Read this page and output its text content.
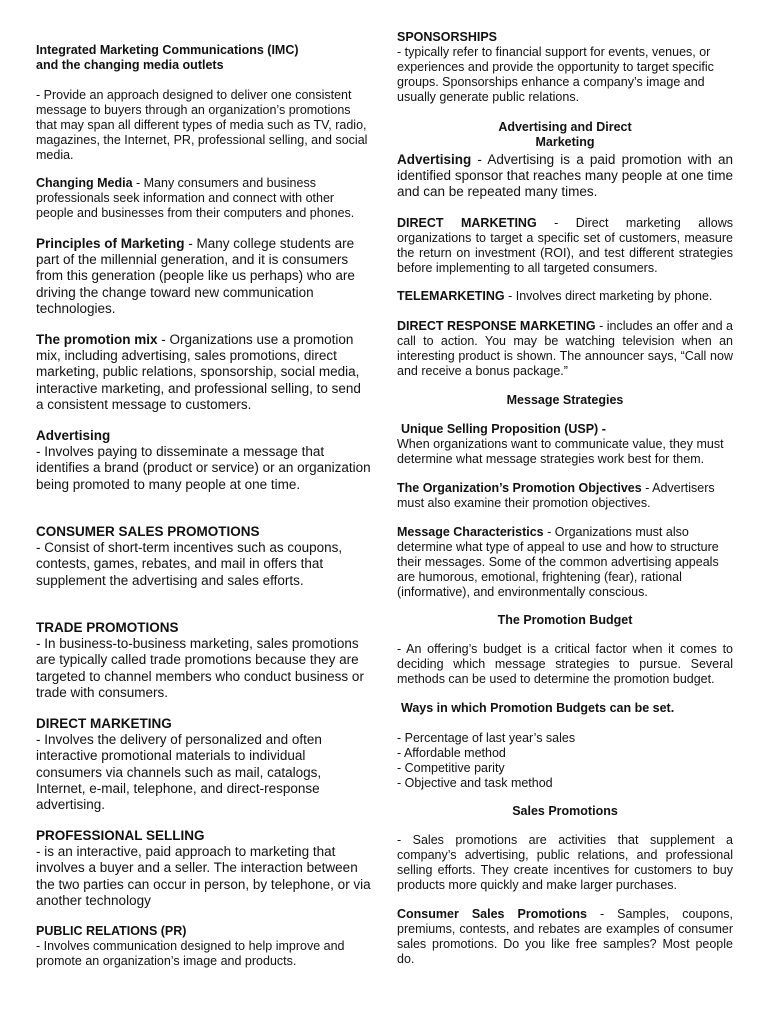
Integrated Marketing Communications (IMC) and the changing media outlets

- Provide an approach designed to deliver one consistent message to buyers through an organization’s promotions that may span all different types of media such as TV, radio, magazines, the Internet, PR, professional selling, and social media.

Changing Media - Many consumers and business professionals seek information and connect with other people and businesses from their computers and phones.

Principles of Marketing - Many college students are part of the millennial generation, and it is consumers from this generation (people like us perhaps) who are driving the change toward new communication technologies.

The promotion mix - Organizations use a promotion mix, including advertising, sales promotions, direct marketing, public relations, sponsorship, social media, interactive marketing, and professional selling, to send a consistent message to customers.

Advertising

- Involves paying to disseminate a message that identifies a brand (product or service) or an organization being promoted to many people at one time.

CONSUMER SALES PROMOTIONS

- Consist of short-term incentives such as coupons, contests, games, rebates, and mail in offers that supplement the advertising and sales efforts.

TRADE PROMOTIONS

- In business-to-business marketing, sales promotions are typically called trade promotions because they are targeted to channel members who conduct business or trade with consumers.

DIRECT MARKETING

- Involves the delivery of personalized and often interactive promotional materials to individual consumers via channels such as mail, catalogs, Internet, e-mail, telephone, and direct-response advertising.

PROFESSIONAL SELLING

- is an interactive, paid approach to marketing that involves a buyer and a seller. The interaction between the two parties can occur in person, by telephone, or via another technology

PUBLIC RELATIONS (PR)

- Involves communication designed to help improve and promote an organization’s image and products.

SPONSORSHIPS

- typically refer to financial support for events, venues, or experiences and provide the opportunity to target specific groups. Sponsorships enhance a company’s image and usually generate public relations.

Advertising and Direct Marketing

Advertising - Advertising is a paid promotion with an identified sponsor that reaches many people at one time and can be repeated many times.

DIRECT MARKETING - Direct marketing allows organizations to target a specific set of customers, measure the return on investment (ROI), and test different strategies before implementing to all targeted consumers.

TELEMARKETING - Involves direct marketing by phone.

DIRECT RESPONSE MARKETING - includes an offer and a call to action. You may be watching television when an interesting product is shown. The announcer says, “Call now and receive a bonus package.”

Message Strategies

Unique Selling Proposition (USP) -

When organizations want to communicate value, they must determine what message strategies work best for them.

The Organization’s Promotion Objectives - Advertisers must also examine their promotion objectives.

Message Characteristics - Organizations must also determine what type of appeal to use and how to structure their messages. Some of the common advertising appeals are humorous, emotional, frightening (fear), rational (informative), and environmentally conscious.

The Promotion Budget
- An offering’s budget is a critical factor when it comes to deciding which message strategies to pursue. Several methods can be used to determine the promotion budget.
Ways in which Promotion Budgets can be set.

- Percentage of last year’s sales

- Affordable method

- Competitive parity

- Objective and task method

Sales Promotions
- Sales promotions are activities that supplement a company’s advertising, public relations, and professional selling efforts. They create incentives for customers to buy products more quickly and make larger purchases.

Consumer Sales Promotions - Samples, coupons, premiums, contests, and rebates are examples of consumer sales promotions. Do you like free samples? Most people do.
